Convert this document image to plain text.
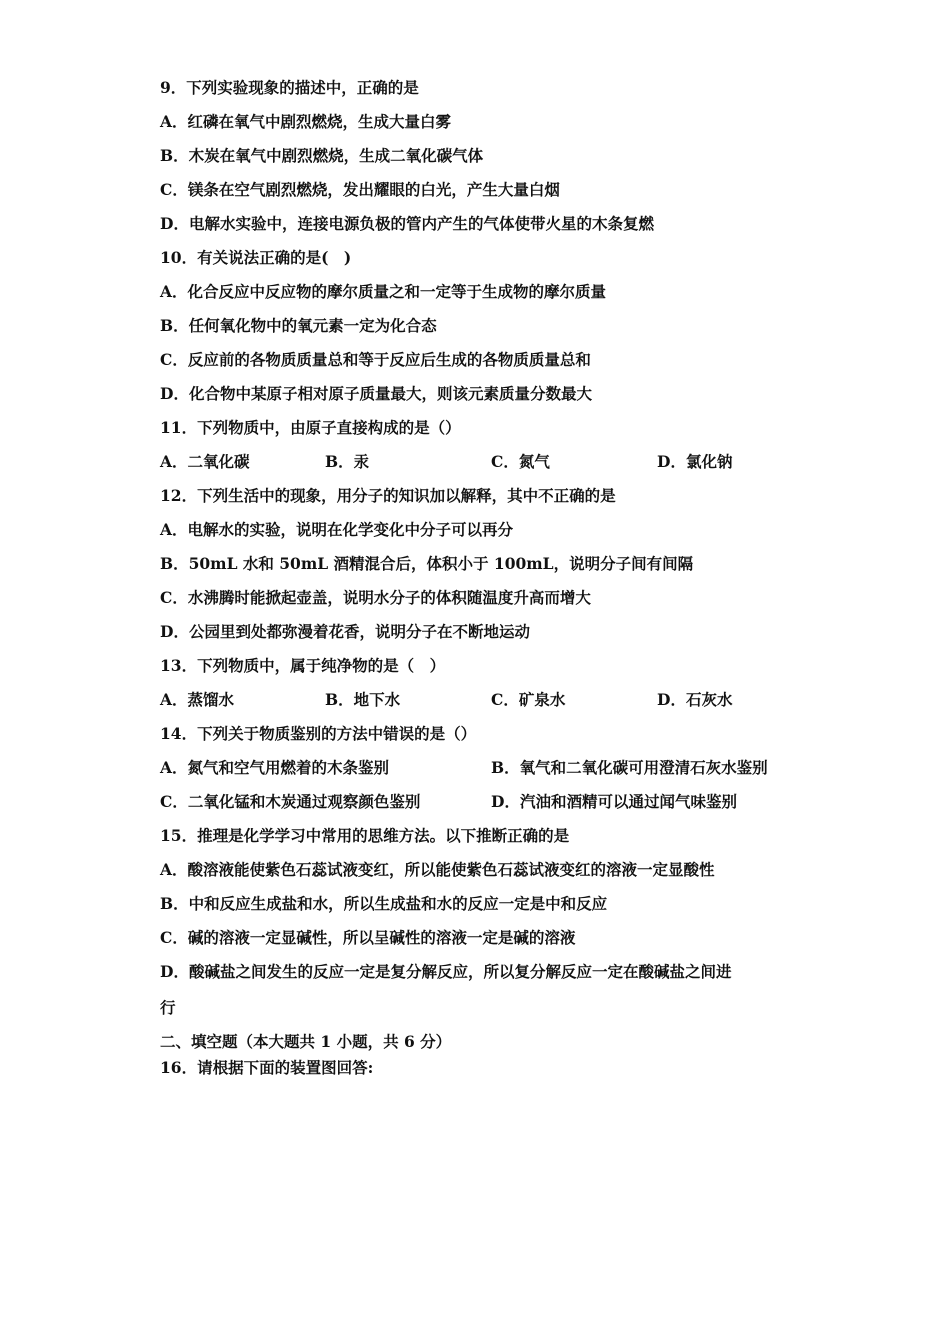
9．下列实验现象的描述中，正确的是
A．红磷在氧气中剧烈燃烧，生成大量白雾
B．木炭在氧气中剧烈燃烧，生成二氧化碳气体
C．镁条在空气剧烈燃烧，发出耀眼的白光，产生大量白烟
D．电解水实验中，连接电源负极的管内产生的气体使带火星的木条复燃
10．有关说法正确的是(　)
A．化合反应中反应物的摩尔质量之和一定等于生成物的摩尔质量
B．任何氧化物中的氧元素一定为化合态
C．反应前的各物质质量总和等于反应后生成的各物质质量总和
D．化合物中某原子相对原子质量最大，则该元素质量分数最大
11．下列物质中，由原子直接构成的是（）
A．二氧化碳	B．汞	C．氮气	D．氯化钠
12．下列生活中的现象，用分子的知识加以解释，其中不正确的是
A．电解水的实验，说明在化学变化中分子可以再分
B．50mL 水和 50mL 酒精混合后，体积小于 100mL，说明分子间有间隔
C．水沸腾时能掀起壶盖，说明水分子的体积随温度升高而增大
D．公园里到处都弥漫着花香，说明分子在不断地运动
13．下列物质中，属于纯净物的是（　）
A．蒸馏水	B．地下水	C．矿泉水	D．石灰水
14．下列关于物质鉴别的方法中错误的是（）
A．氮气和空气用燃着的木条鉴别	B．氧气和二氧化碳可用澄清石灰水鉴别
C．二氧化锰和木炭通过观察颜色鉴别	D．汽油和酒精可以通过闻气味鉴别
15．推理是化学学习中常用的思维方法。以下推断正确的是
A．酸溶液能使紫色石蕊试液变红，所以能使紫色石蕊试液变红的溶液一定显酸性
B．中和反应生成盐和水，所以生成盐和水的反应一定是中和反应
C．碱的溶液一定显碱性，所以呈碱性的溶液一定是碱的溶液
D．酸碱盐之间发生的反应一定是复分解反应，所以复分解反应一定在酸碱盐之间进
行
二、填空题（本大题共 1 小题，共 6 分）
16．请根据下面的装置图回答:
